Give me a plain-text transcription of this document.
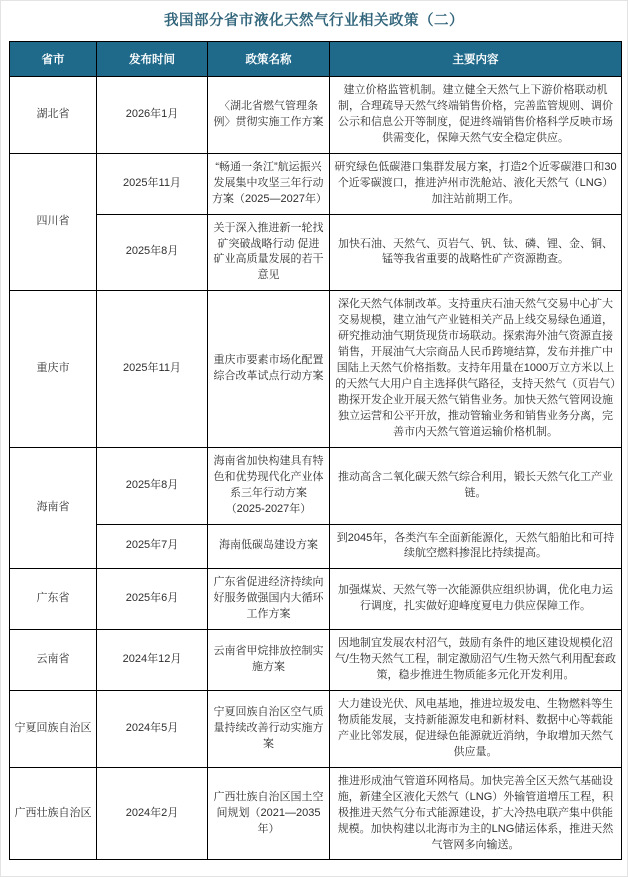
我国部分省市液化天然气行业相关政策（二）
省市	发布时间	政策名称	主要内容
湖北省	2026年1月	〈湖北省燃气管理条例〉贯彻实施工作方案	建立价格监管机制。建立健全天然气上下游价格联动机制，合理疏导天然气终端销售价格，完善监管规则、调价公示和信息公开等制度，促进终端销售价格科学反映市场供需变化，保障天然气安全稳定供应。
四川省	2025年11月	“畅通一条江”航运振兴发展集中攻坚三年行动方案（2025—2027年）	研究绿色低碳港口集群发展方案，打造2个近零碳港口和30个近零碳渡口，推进泸州市洗舱站、液化天然气（LNG）加注站前期工作。
	2025年8月	关于深入推进新一轮找矿突破战略行动 促进矿业高质量发展的若干意见	加快石油、天然气、页岩气、钒、钛、磷、锂、金、铜、锰等我省重要的战略性矿产资源勘查。
重庆市	2025年11月	重庆市要素市场化配置综合改革试点行动方案	深化天然气体制改革。支持重庆石油天然气交易中心扩大交易规模，建立油气产业链相关产品上线交易绿色通道，研究推动油气期货现货市场联动。探索海外油气资源直接销售，开展油气大宗商品人民币跨境结算，发布并推广中国陆上天然气价格指数。支持年用量在1000万立方米以上的天然气大用户自主选择供气路径，支持天然气（页岩气）勘探开发企业开展天然气销售业务。加快天然气管网设施独立运营和公平开放，推动管输业务和销售业务分离，完善市内天然气管道运输价格机制。
海南省	2025年8月	海南省加快构建具有特色和优势现代化产业体系三年行动方案（2025-2027年）	推动高含二氧化碳天然气综合利用，锻长天然气化工产业链。
	2025年7月	海南低碳岛建设方案	到2045年，各类汽车全面新能源化，天然气船舶比和可持续航空燃料掺混比持续提高。
广东省	2025年6月	广东省促进经济持续向好服务做强国内大循环工作方案	加强煤炭、天然气等一次能源供应组织协调，优化电力运行调度，扎实做好迎峰度夏电力供应保障工作。
云南省	2024年12月	云南省甲烷排放控制实施方案	因地制宜发展农村沼气，鼓励有条件的地区建设规模化沼气/生物天然气工程，制定激励沼气/生物天然气利用配套政策，稳步推进生物质能多元化开发利用。
宁夏回族自治区	2024年5月	宁夏回族自治区空气质量持续改善行动实施方案	大力建设光伏、风电基地，推进垃圾发电、生物燃料等生物质能发展，支持新能源发电和新材料、数据中心等载能产业比邻发展，促进绿色能源就近消纳，争取增加天然气供应量。
广西壮族自治区	2024年2月	广西壮族自治区国土空间规划（2021—2035年）	推进形成油气管道环网格局。加快完善全区天然气基础设施，新建全区液化天然气（LNG）外输管道增压工程，积极推进天然气分布式能源建设，扩大冷热电联产集中供能规模。加快构建以北海市为主的LNG储运体系，推进天然气管网多向输送。
